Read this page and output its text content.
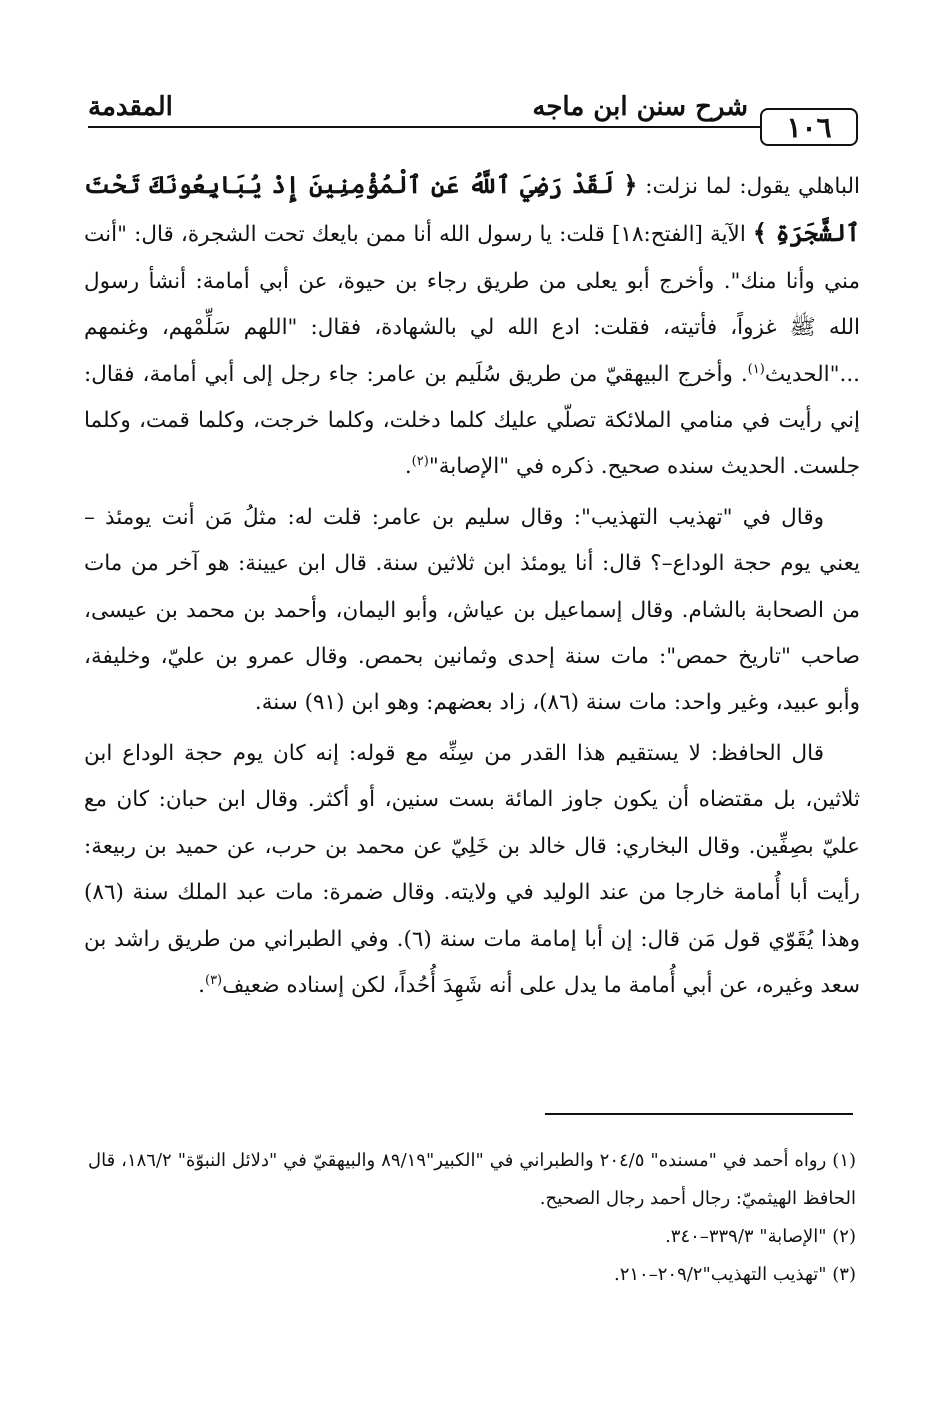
١٠٦
شرح سنن ابن ماجه
المقدمة

الباهلي يقول: لما نزلت: ﴿ لَقَدْ رَضِيَ ٱللَّهُ عَنِ ٱلْمُؤْمِنِينَ إِذْ يُبَايِعُونَكَ تَحْتَ ٱلشَّجَرَةِ ﴾ الآية [الفتح:١٨] قلت: يا رسول الله أنا ممن بايعك تحت الشجرة، قال: "أنت مني وأنا منك". وأخرج أبو يعلى من طريق رجاء بن حيوة، عن أبي أمامة: أنشأ رسول الله ﷺ غزواً، فأتيته، فقلت: ادع الله لي بالشهادة، فقال: "اللهم سَلِّمْهم، وغنمهم ..."الحديث$^{(١)}$. وأخرج البيهقيّ من طريق سُلَيم بن عامر: جاء رجل إلى أبي أمامة، فقال: إني رأيت في منامي الملائكة تصلّي عليك كلما دخلت، وكلما خرجت، وكلما قمت، وكلما جلست. الحديث سنده صحيح. ذكره في "الإصابة"$^{(٢)}$.

وقال في "تهذيب التهذيب": وقال سليم بن عامر: قلت له: مثلُ مَن أنت يومئذ – يعني يوم حجة الوداع–؟ قال: أنا يومئذ ابن ثلاثين سنة. قال ابن عيينة: هو آخر من مات من الصحابة بالشام. وقال إسماعيل بن عياش، وأبو اليمان، وأحمد بن محمد بن عيسى، صاحب "تاريخ حمص": مات سنة إحدى وثمانين بحمص. وقال عمرو بن عليّ، وخليفة، وأبو عبيد، وغير واحد: مات سنة (٨٦)، زاد بعضهم: وهو ابن (٩١) سنة.

قال الحافظ: لا يستقيم هذا القدر من سِنِّه مع قوله: إنه كان يوم حجة الوداع ابن ثلاثين، بل مقتضاه أن يكون جاوز المائة بست سنين، أو أكثر. وقال ابن حبان: كان مع عليّ بصِفِّين. وقال البخاري: قال خالد بن خَلِيّ عن محمد بن حرب، عن حميد بن ربيعة: رأيت أبا أُمامة خارجا من عند الوليد في ولايته. وقال ضمرة: مات عبد الملك سنة (٨٦) وهذا يُقَوّي قول مَن قال: إن أبا إمامة مات سنة (٦). وفي الطبراني من طريق راشد بن سعد وغيره، عن أبي أُمامة ما يدل على أنه شَهِدَ أُحُداً، لكن إسناده ضعيف$^{(٣)}$.

(١) رواه أحمد في "مسنده" ٢٠٤/٥ والطبراني في "الكبير"٨٩/١٩ والبيهقيّ في "دلائل النبوّة" ١٨٦/٢، قال الحافظ الهيثميّ: رجال أحمد رجال الصحيح.

(٢) "الإصابة" ٣٣٩/٣–٣٤٠.

(٣) "تهذيب التهذيب"٢٠٩/٢–٢١٠.
